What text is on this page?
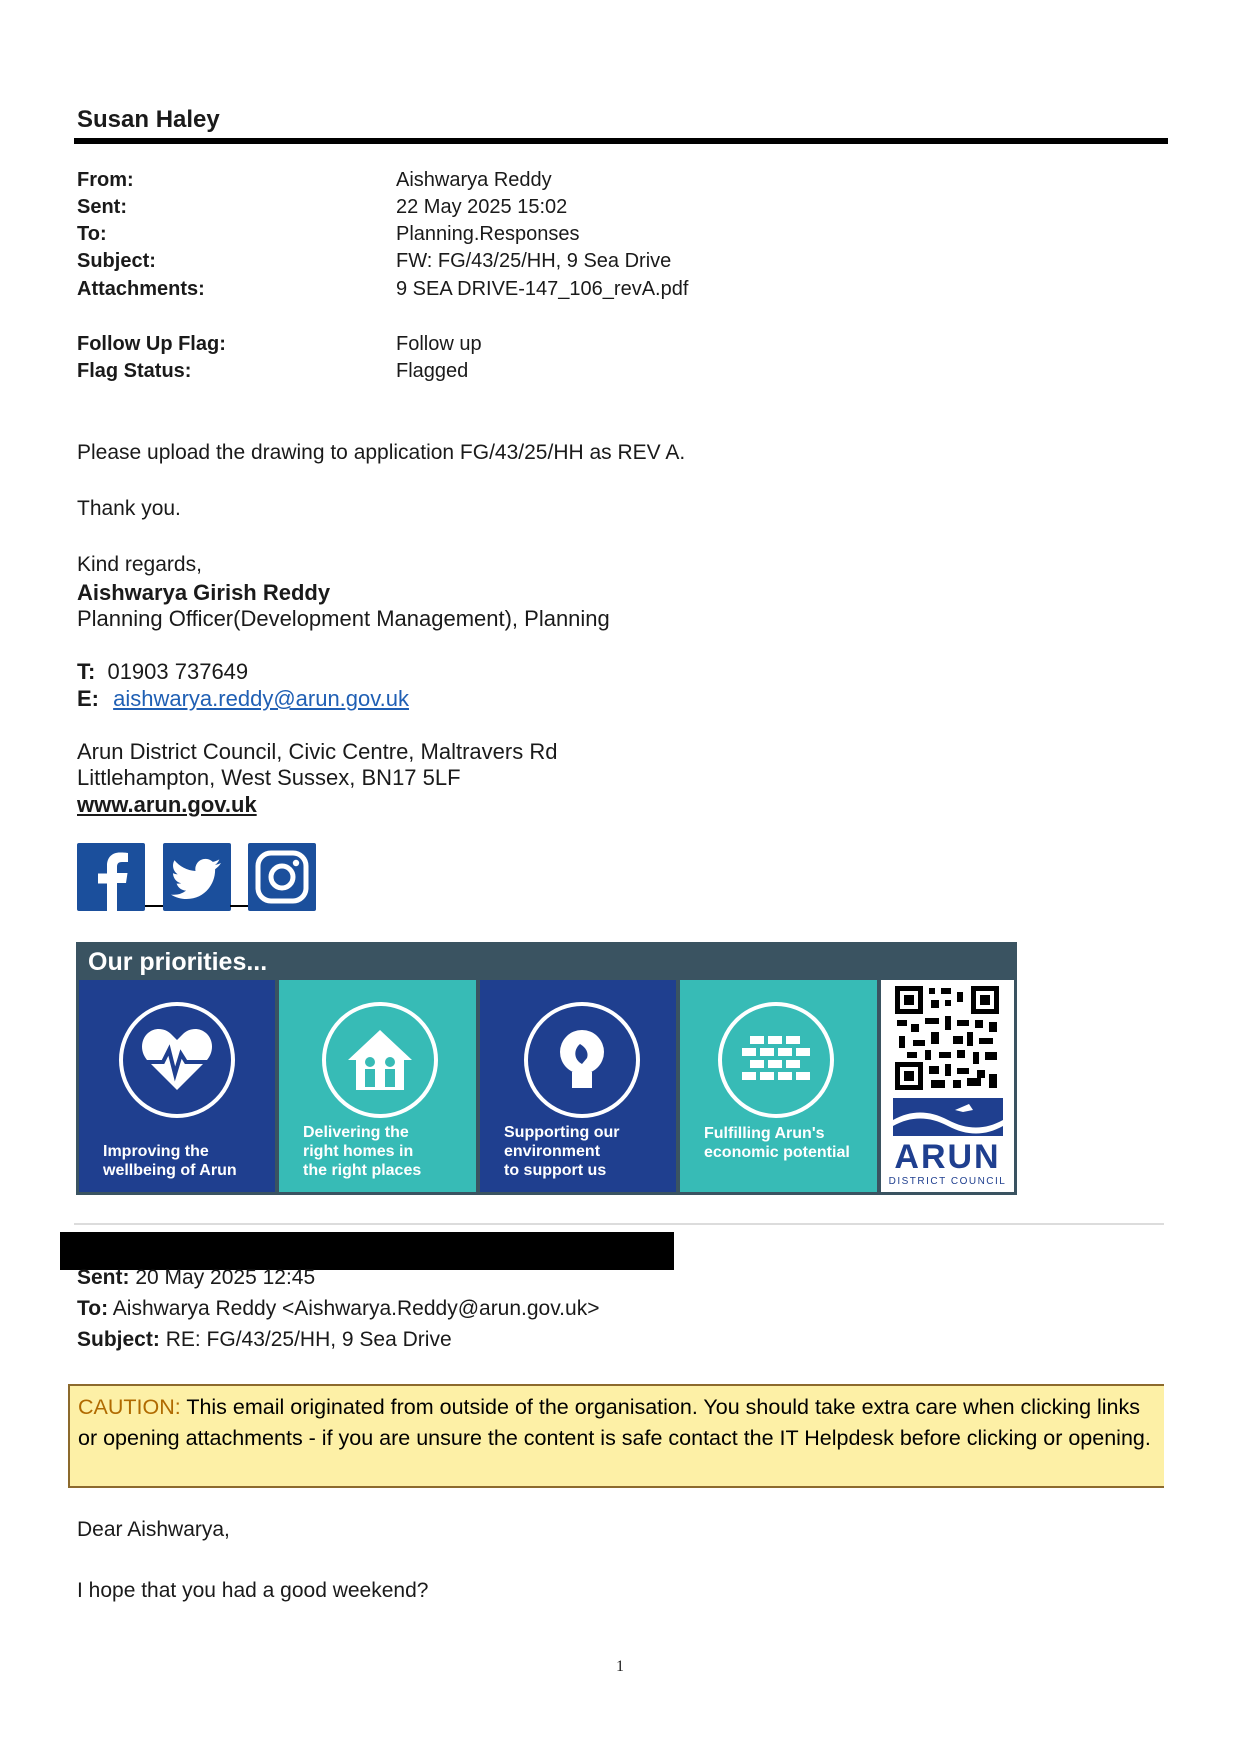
Susan Haley
From:	Aishwarya Reddy
Sent:	22 May 2025 15:02
To:	Planning.Responses
Subject:	FW: FG/43/25/HH, 9 Sea Drive
Attachments:	9 SEA DRIVE-147_106_revA.pdf
Follow Up Flag:	Follow up
Flag Status:	Flagged
Please upload the drawing to application FG/43/25/HH as REV A.
Thank you.
Kind regards,
Aishwarya Girish Reddy
Planning Officer(Development Management), Planning
T: 01903 737649
E: aishwarya.reddy@arun.gov.uk
Arun District Council, Civic Centre, Maltravers Rd
Littlehampton, West Sussex, BN17 5LF
www.arun.gov.uk
Our priorities...
Improving the
wellbeing of Arun
Delivering the
right homes in
the right places
Supporting our
environment
to support us
Fulfilling Arun's
economic potential	ARUN
DISTRICT COUNCIL
Sent: 20 May 2025 12:45
To: Aishwarya Reddy <Aishwarya.Reddy@arun.gov.uk>
Subject: RE: FG/43/25/HH, 9 Sea Drive
CAUTION: This email originated from outside of the organisation. You should take extra care when clicking links or opening attachments - if you are unsure the content is safe contact the IT Helpdesk before clicking or opening.
Dear Aishwarya,
I hope that you had a good weekend?
1
